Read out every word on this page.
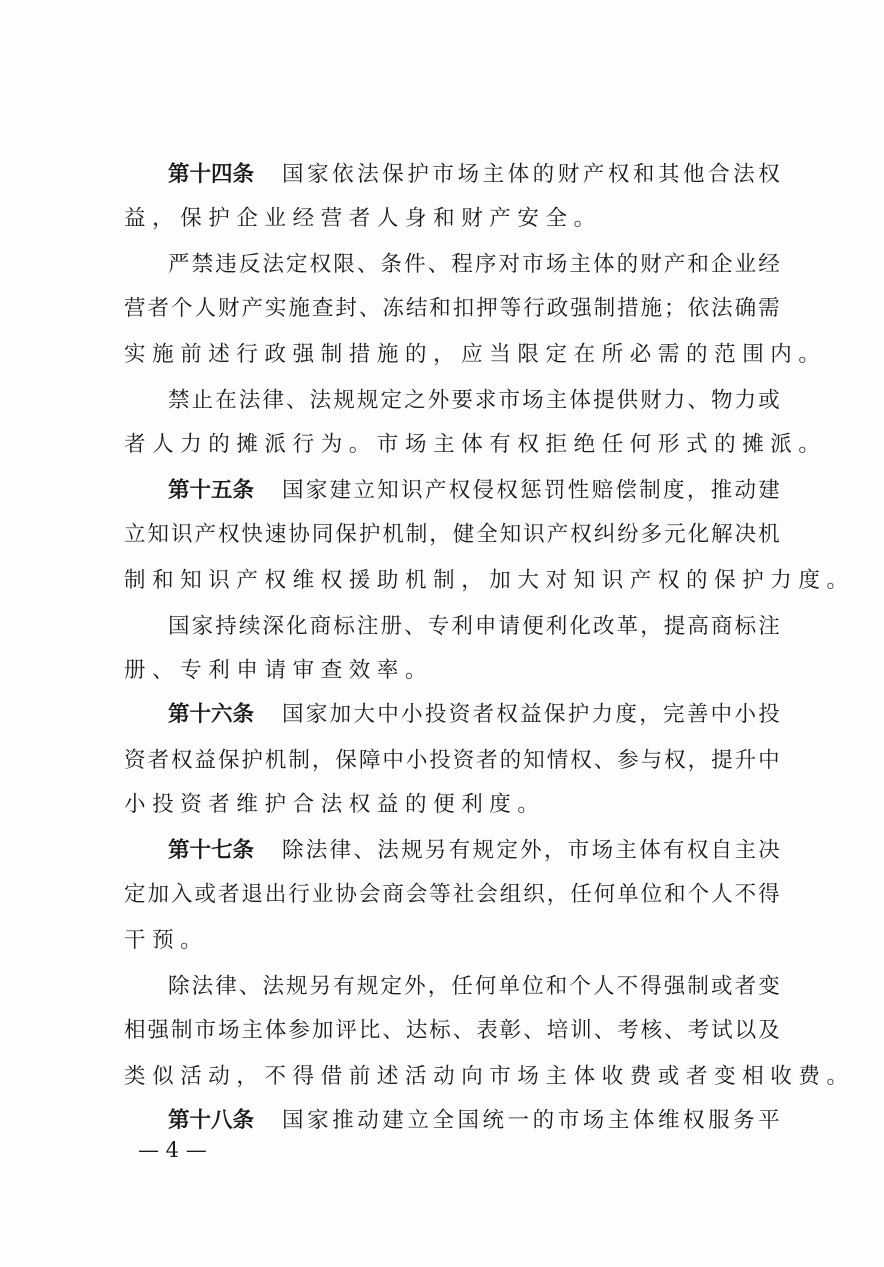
第十四条 国 家 依 法 保 护 市 场 主 体 的 财 产 权 和 其 他 合 法 权
益，保护企业经营者人身和财产安全。
严 禁 违 反 法 定 权 限 、 条 件 、 程 序 对 市 场 主 体 的 财 产 和 企 业 经
营 者 个 人 财 产 实 施 查 封 、 冻 结 和 扣 押 等 行 政 强 制 措 施 ； 依 法 确 需
实施前述行政强制措施的，应当限定在所必需的范围内。
禁 止 在 法 律 、 法 规 规 定 之 外 要 求 市 场 主 体 提 供 财 力 、 物 力 或
者人力的摊派行为。市场主体有权拒绝任何形式的摊派。
第十五条 国 家 建 立 知 识 产 权 侵 权 惩 罚 性 赔 偿 制 度 ， 推 动 建
立 知 识 产 权 快 速 协 同 保 护 机 制 ， 健 全 知 识 产 权 纠 纷 多 元 化 解 决 机
制和知识产权维权援助机制，加大对知识产权的保护力度。
国 家 持 续 深 化 商 标 注 册 、 专 利 申 请 便 利 化 改 革 ， 提 高 商 标 注
册、专利申请审查效率。
第十六条 国 家 加 大 中 小 投 资 者 权 益 保 护 力 度 ， 完 善 中 小 投
资 者 权 益 保 护 机 制 ， 保 障 中 小 投 资 者 的 知 情 权 、 参 与 权 ， 提 升 中
小投资者维护合法权益的便利度。
第十七条 除 法 律 、 法 规 另 有 规 定 外 ， 市 场 主 体 有 权 自 主 决
定 加 入 或 者 退 出 行 业 协 会 商 会 等 社 会 组 织 ， 任 何 单 位 和 个 人 不 得
干预。
除 法 律 、 法 规 另 有 规 定 外 ， 任 何 单 位 和 个 人 不 得 强 制 或 者 变
相 强 制 市 场 主 体 参 加 评 比 、 达 标 、 表 彰 、 培 训 、 考 核 、 考 试 以 及
类似活动，不得借前述活动向市场主体收费或者变相收费。
第十八条 国 家 推 动 建 立 全 国 统 一 的 市 场 主 体 维 权 服 务 平
— 4 —
